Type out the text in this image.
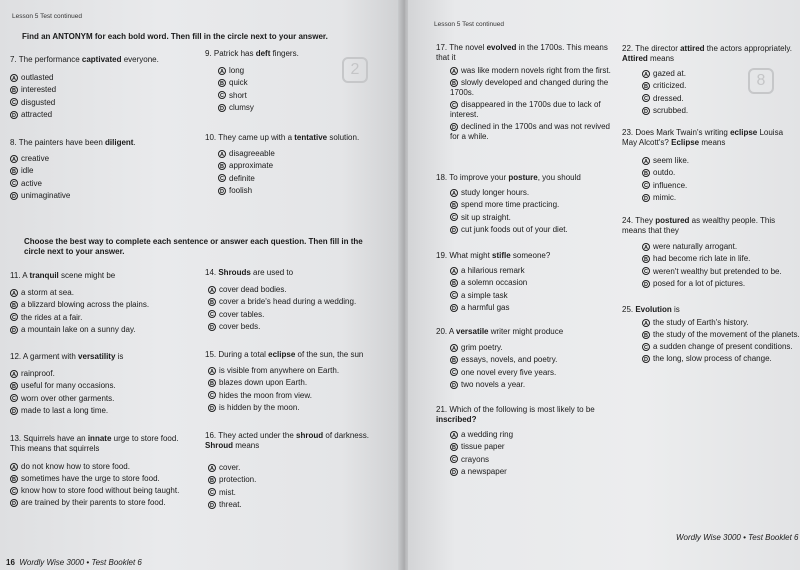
Lesson 5 Test continued
Find an ANTONYM for each bold word. Then fill in the circle next to your answer.
2
7. The performance captivated everyone.
A outlasted
B interested
C disgusted
D attracted
9. Patrick has deft fingers.
A long
B quick
C short
D clumsy
8. The painters have been diligent.
A creative
B idle
C active
D unimaginative
10. They came up with a tentative solution.
A disagreeable
B approximate
C definite
D foolish
Choose the best way to complete each sentence or answer each question. Then fill in the circle next to your answer.
11. A tranquil scene might be
A a storm at sea.
B a blizzard blowing across the plains.
C the rides at a fair.
D a mountain lake on a sunny day.
14. Shrouds are used to
A cover dead bodies.
B cover a bride's head during a wedding.
C cover tables.
D cover beds.
12. A garment with versatility is
A rainproof.
B useful for many occasions.
C worn over other garments.
D made to last a long time.
15. During a total eclipse of the sun, the sun
A is visible from anywhere on Earth.
B blazes down upon Earth.
C hides the moon from view.
D is hidden by the moon.
13. Squirrels have an innate urge to store food. This means that squirrels
A do not know how to store food.
B sometimes have the urge to store food.
C know how to store food without being taught.
D are trained by their parents to store food.
16. They acted under the shroud of darkness. Shroud means
A cover.
B protection.
C mist.
D threat.
16 Wordly Wise 3000 • Test Booklet 6
Lesson 5 Test continued
8
17. The novel evolved in the 1700s. This means that it
A was like modern novels right from the first.
B slowly developed and changed during the 1700s.
C disappeared in the 1700s due to lack of interest.
D declined in the 1700s and was not revived for a while.
22. The director attired the actors appropriately. Attired means
A gazed at.
B criticized.
C dressed.
D scrubbed.
23. Does Mark Twain's writing eclipse Louisa May Alcott's? Eclipse means
A seem like.
B outdo.
C influence.
D mimic.
18. To improve your posture, you should
A study longer hours.
B spend more time practicing.
C sit up straight.
D cut junk foods out of your diet.
24. They postured as wealthy people. This means that they
A were naturally arrogant.
B had become rich late in life.
C weren't wealthy but pretended to be.
D posed for a lot of pictures.
19. What might stifle someone?
A a hilarious remark
B a solemn occasion
C a simple task
D a harmful gas	25. Evolution is
A the study of Earth's history.
B the study of the movement of the planets.
C a sudden change of present conditions.
D the long, slow process of change.
20. A versatile writer might produce
A grim poetry.
B essays, novels, and poetry.
C one novel every five years.
D two novels a year.
21. Which of the following is most likely to be inscribed?
A a wedding ring
B tissue paper
C crayons
D a newspaper
Wordly Wise 3000 • Test Booklet 6
